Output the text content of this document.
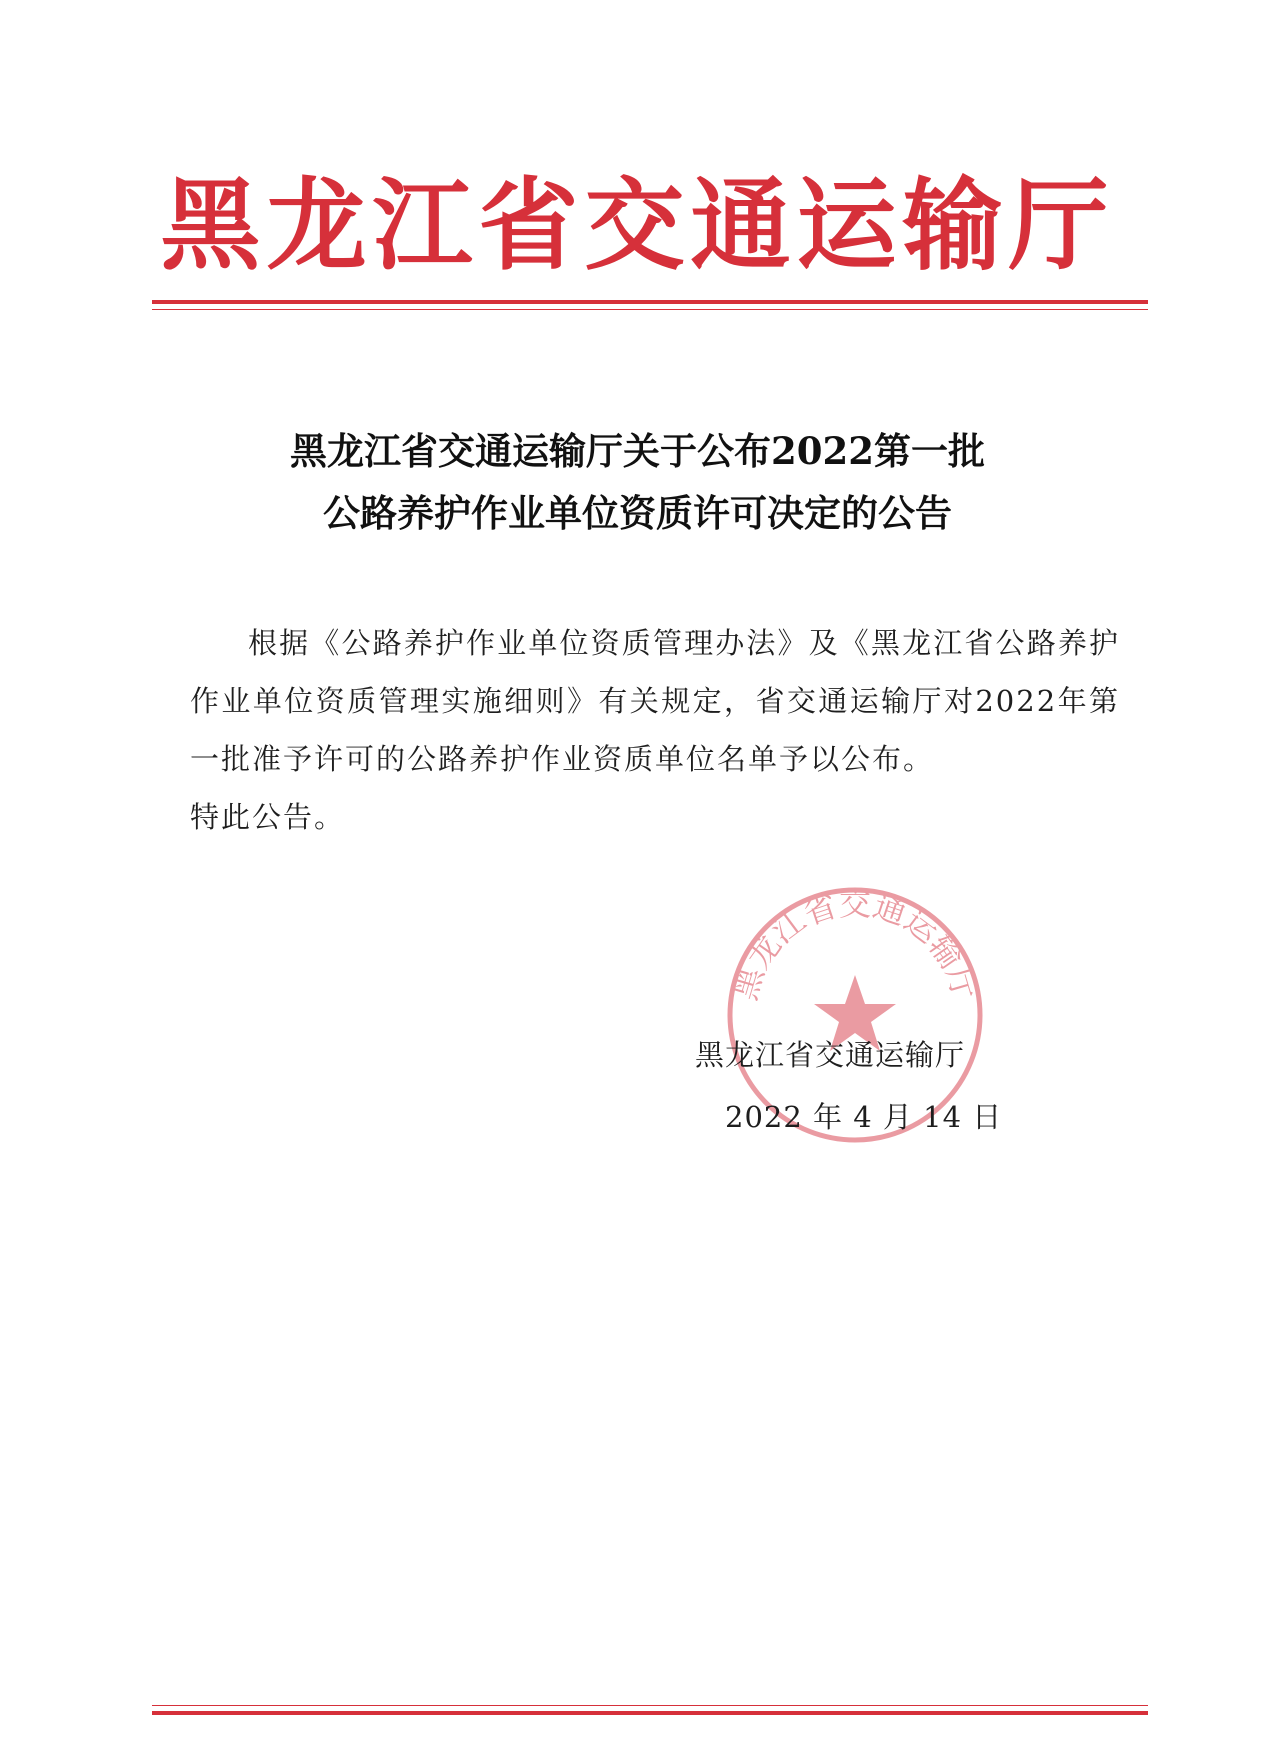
黑龙江省交通运输厅
黑龙江省交通运输厅关于公布2022第一批
公路养护作业单位资质许可决定的公告

根据《公路养护作业单位资质管理办法》及《黑龙江省公路养护作业单位资质管理实施细则》有关规定，省交通运输厅对2022年第一批准予许可的公路养护作业资质单位名单予以公布。

特此公告。

黑龙江省交通运输厅
黑龙江省交通运输厅
2022 年 4 月 14 日
